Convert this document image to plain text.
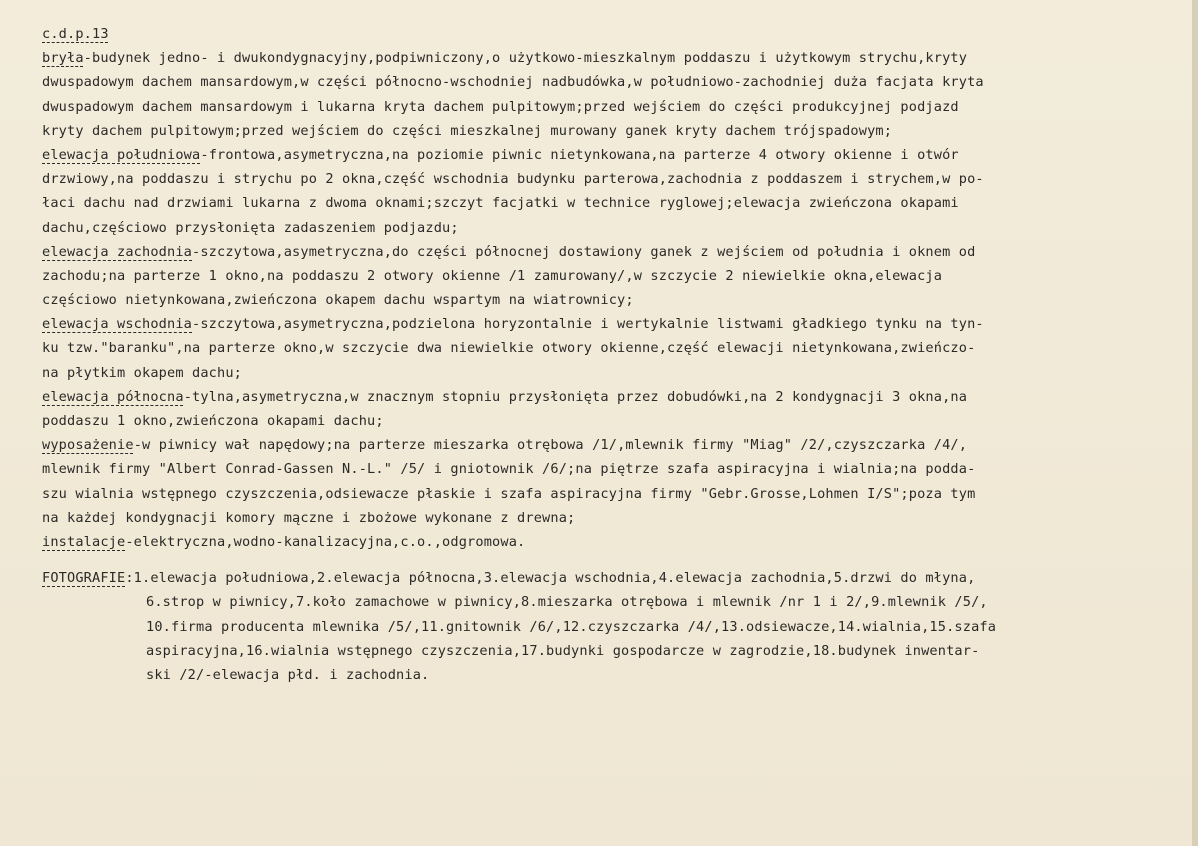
c.d.p.13
bryła-budynek jedno- i dwukondygnacyjny,podpiwniczony,o użytkowo-mieszkalnym poddaszu i użytkowym strychu,kryty
dwuspadowym dachem mansardowym,w części północno-wschodniej nadbudówka,w południowo-zachodniej duża facjata kryta
dwuspadowym dachem mansardowym i lukarna kryta dachem pulpitowym;przed wejściem do części produkcyjnej podjazd
kryty dachem pulpitowym;przed wejściem do części mieszkalnej murowany ganek kryty dachem trójspadowym;
elewacja południowa-frontowa,asymetryczna,na poziomie piwnic nietynkowana,na parterze 4 otwory okienne i otwór
drzwiowy,na poddaszu i strychu po 2 okna,część wschodnia budynku parterowa,zachodnia z poddaszem i strychem,w po-
łaci dachu nad drzwiami lukarna z dwoma oknami;szczyt facjatki w technice ryglowej;elewacja zwieńczona okapami
dachu,częściowo przysłonięta zadaszeniem podjazdu;
elewacja zachodnia-szczytowa,asymetryczna,do części północnej dostawiony ganek z wejściem od południa i oknem od
zachodu;na parterze 1 okno,na poddaszu 2 otwory okienne /1 zamurowany/,w szczycie 2 niewielkie okna,elewacja
częściowo nietynkowana,zwieńczona okapem dachu wspartym na wiatrownicy;
elewacja wschodnia-szczytowa,asymetryczna,podzielona horyzontalnie i wertykalnie listwami gładkiego tynku na tyn-
ku tzw."baranku",na parterze okno,w szczycie dwa niewielkie otwory okienne,część elewacji nietynkowana,zwieńczo-
na płytkim okapem dachu;
elewacja północna-tylna,asymetryczna,w znacznym stopniu przysłonięta przez dobudówki,na 2 kondygnacji 3 okna,na
poddaszu 1 okno,zwieńczona okapami dachu;
wyposażenie-w piwnicy wał napędowy;na parterze mieszarka otrębowa /1/,mlewnik firmy "Miag" /2/,czyszczarka /4/,
mlewnik firmy "Albert Conrad-Gassen N.-L." /5/ i gniotownik /6/;na piętrze szafa aspiracyjna i wialnia;na podda-
szu wialnia wstępnego czyszczenia,odsiewacze płaskie i szafa aspiracyjna firmy "Gebr.Grosse,Lohmen I/S";poza tym
na każdej kondygnacji komory mączne i zbożowe wykonane z drewna;
instalacje-elektryczna,wodno-kanalizacyjna,c.o.,odgromowa.
FOTOGRAFIE:1.elewacja południowa,2.elewacja północna,3.elewacja wschodnia,4.elewacja zachodnia,5.drzwi do młyna,
6.strop w piwnicy,7.koło zamachowe w piwnicy,8.mieszarka otrębowa i mlewnik /nr 1 i 2/,9.mlewnik /5/,
10.firma producenta mlewnika /5/,11.gnitownik /6/,12.czyszczarka /4/,13.odsiewacze,14.wialnia,15.szafa
aspiracyjna,16.wialnia wstępnego czyszczenia,17.budynki gospodarcze w zagrodzie,18.budynek inwentar-
ski /2/-elewacja płd. i zachodnia.
